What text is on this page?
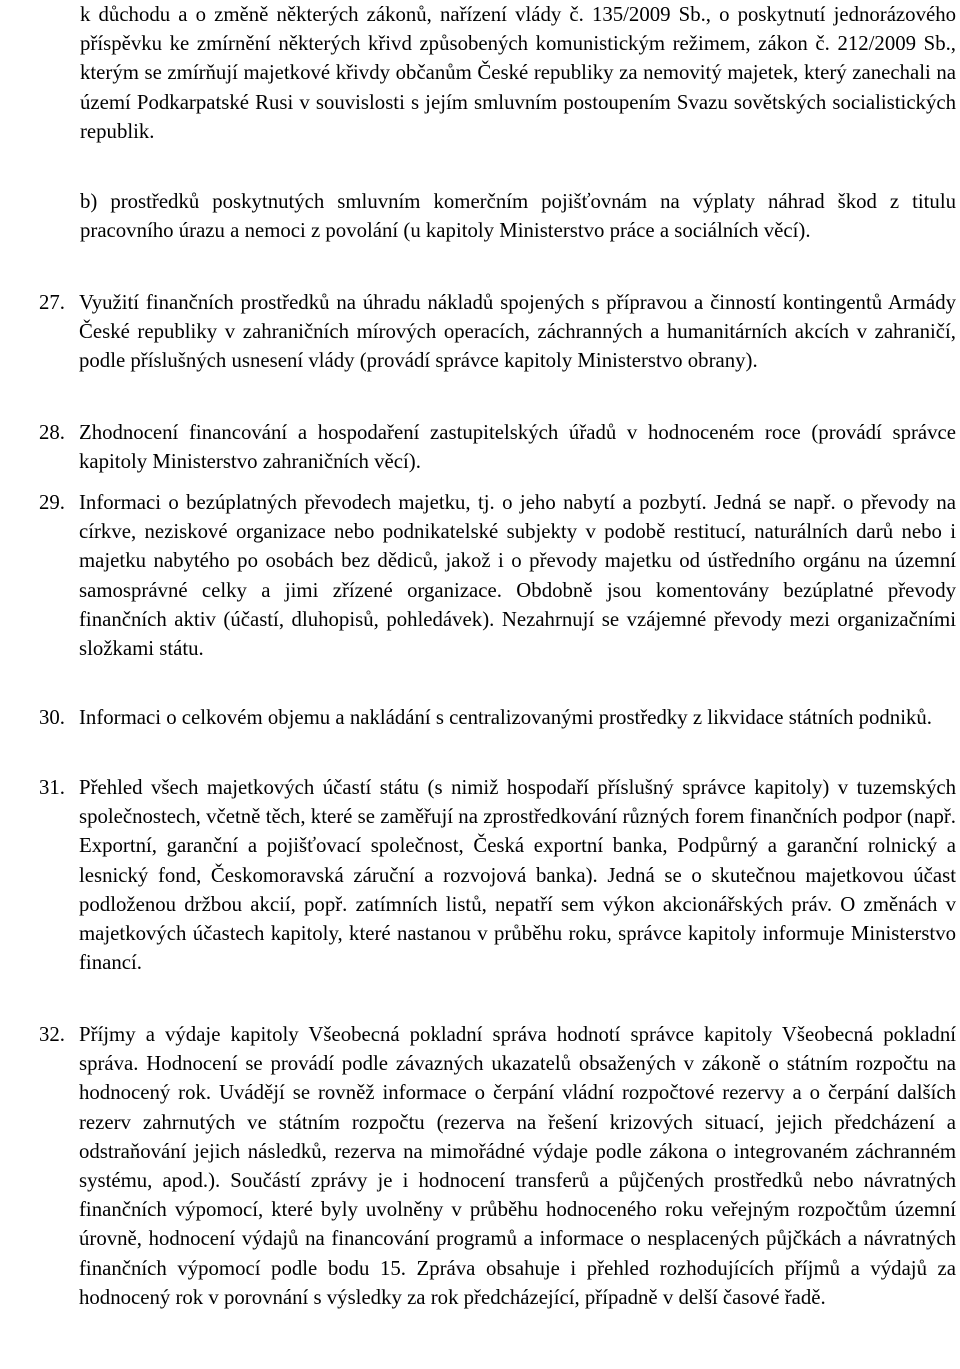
k důchodu a o změně některých zákonů, nařízení vlády č. 135/2009 Sb., o poskytnutí jednorázového příspěvku ke zmírnění některých křivd způsobených komunistickým režimem, zákon č. 212/2009 Sb., kterým se zmírňují majetkové křivdy občanům České republiky za nemovitý majetek, který zanechali na území Podkarpatské Rusi v souvislosti s jejím smluvním postoupením Svazu sovětských socialistických republik.

b) prostředků poskytnutých smluvním komerčním pojišťovnám na výplaty náhrad škod z titulu pracovního úrazu a nemoci z povolání (u kapitoly Ministerstvo práce a sociálních věcí).
27. Využití finančních prostředků na úhradu nákladů spojených s přípravou a činností kontingentů Armády České republiky v zahraničních mírových operacích, záchranných a humanitárních akcích v zahraničí, podle příslušných usnesení vlády (provádí správce kapitoly Ministerstvo obrany).
28. Zhodnocení financování a hospodaření zastupitelských úřadů v hodnoceném roce (provádí správce kapitoly Ministerstvo zahraničních věcí).
29. Informaci o bezúplatných převodech majetku, tj. o jeho nabytí a pozbytí. Jedná se např. o převody na církve, neziskové organizace nebo podnikatelské subjekty v podobě restitucí, naturálních darů nebo i majetku nabytého po osobách bez dědiců, jakož i o převody majetku od ústředního orgánu na územní samosprávné celky a jimi zřízené organizace. Obdobně jsou komentovány bezúplatné převody finančních aktiv (účastí, dluhopisů, pohledávek). Nezahrnují se vzájemné převody mezi organizačními složkami státu.
30. Informaci o celkovém objemu a nakládání s centralizovanými prostředky z likvidace státních podniků.
31. Přehled všech majetkových účastí státu (s nimiž hospodaří příslušný správce kapitoly) v tuzemských společnostech, včetně těch, které se zaměřují na zprostředkování různých forem finančních podpor (např. Exportní, garanční a pojišťovací společnost, Česká exportní banka, Podpůrný a garanční rolnický a lesnický fond, Českomoravská záruční a rozvojová banka). Jedná se o skutečnou majetkovou účast podloženou držbou akcií, popř. zatímních listů, nepatří sem výkon akcionářských práv. O změnách v majetkových účastech kapitoly, které nastanou v průběhu roku, správce kapitoly informuje Ministerstvo financí.
32. Příjmy a výdaje kapitoly Všeobecná pokladní správa hodnotí správce kapitoly Všeobecná pokladní správa. Hodnocení se provádí podle závazných ukazatelů obsažených v zákoně o státním rozpočtu na hodnocený rok. Uvádějí se rovněž informace o čerpání vládní rozpočtové rezervy a o čerpání dalších rezerv zahrnutých ve státním rozpočtu (rezerva na řešení krizových situací, jejich předcházení a odstraňování jejich následků, rezerva na mimořádné výdaje podle zákona o integrovaném záchranném systému, apod.). Součástí zprávy je i hodnocení transferů a půjčených prostředků nebo návratných finančních výpomocí, které byly uvolněny v průběhu hodnoceného roku veřejným rozpočtům územní úrovně, hodnocení výdajů na financování programů a informace o nesplacených půjčkách a návratných finančních výpomocí podle bodu 15. Zpráva obsahuje i přehled rozhodujících příjmů a výdajů za hodnocený rok v porovnání s výsledky za rok předcházející, případně v delší časové řadě.
